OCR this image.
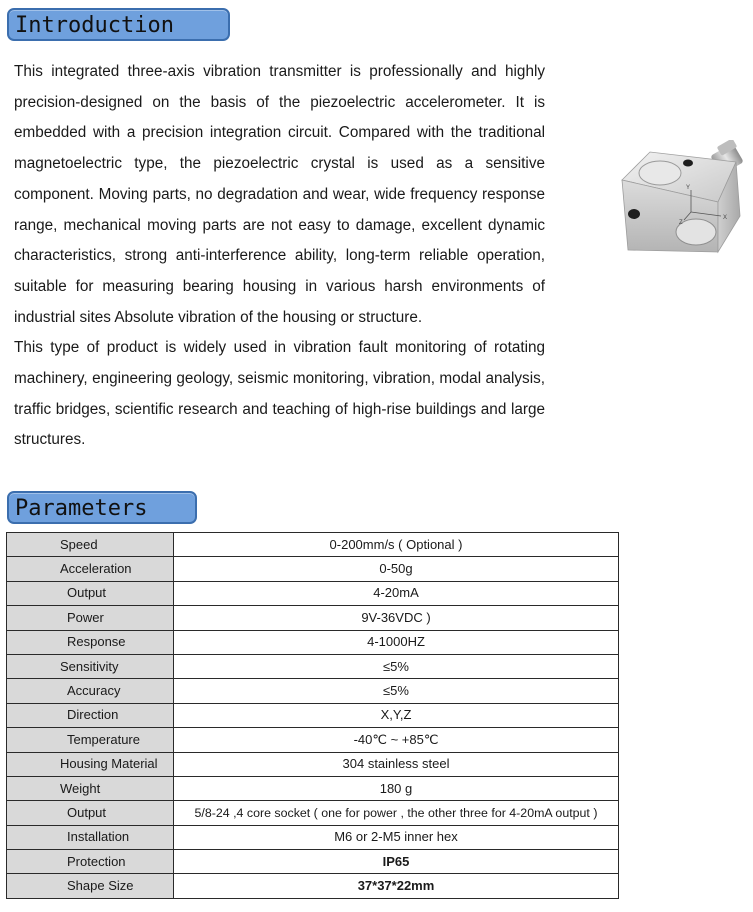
Introduction

This integrated three-axis vibration transmitter is professionally and highly precision-designed on the basis of the piezoelectric accelerometer. It is embedded with a precision integration circuit. Compared with the traditional magnetoelectric type, the piezoelectric crystal is used as a sensitive component. Moving parts, no degradation and wear, wide frequency response range, mechanical moving parts are not easy to damage, excellent dynamic characteristics, strong anti-interference ability, long-term reliable operation, suitable for measuring bearing housing in various harsh environments of industrial sites Absolute vibration of the housing or structure.

This type of product is widely used in vibration fault monitoring of rotating machinery, engineering geology, seismic monitoring, vibration, modal analysis, traffic bridges, scientific research and teaching of high-rise buildings and large structures.

Y
Z
X
Parameters
Speed	0-200mm/s ( Optional )
Acceleration	0-50g
Output	4-20mA
Power	9V-36VDC )
Response	4-1000HZ
Sensitivity	≤5%
Accuracy	≤5%
Direction	X,Y,Z
Temperature	-40℃ ~ +85℃
Housing Material	304 stainless steel
Weight	180 g
Output	5/8-24 ,4 core socket ( one for power , the other three for 4-20mA output )
Installation	M6 or 2-M5 inner hex
Protection	IP65
Shape Size	37*37*22mm
